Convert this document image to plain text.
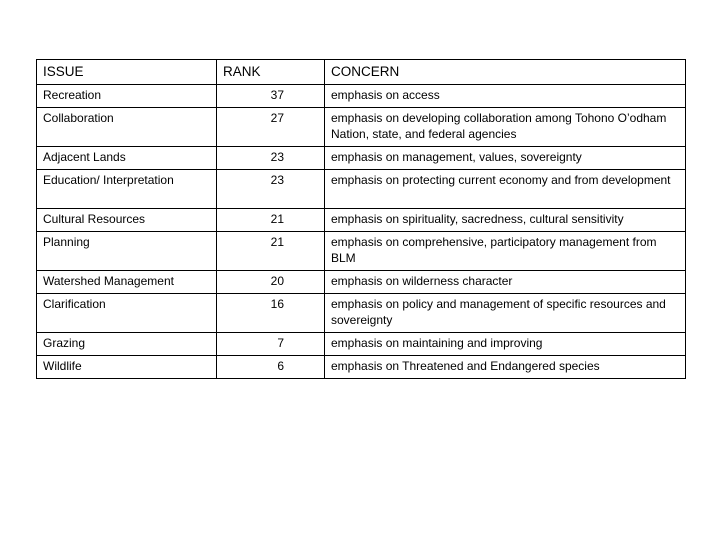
ISSUE	RANK	CONCERN
Recreation	37	emphasis on access
Collaboration	27	emphasis on developing collaboration among Tohono O’odham Nation, state, and federal agencies
Adjacent Lands	23	emphasis on management, values, sovereignty
Education/ Interpretation	23	emphasis on protecting current economy and from development
Cultural Resources	21	emphasis on spirituality, sacredness, cultural sensitivity
Planning	21	emphasis on comprehensive, participatory management from BLM
Watershed Management	20	emphasis on wilderness character
Clarification	16	emphasis on policy and management of specific resources and sovereignty
Grazing	7	emphasis on maintaining and improving
Wildlife	6	emphasis on Threatened and Endangered species
